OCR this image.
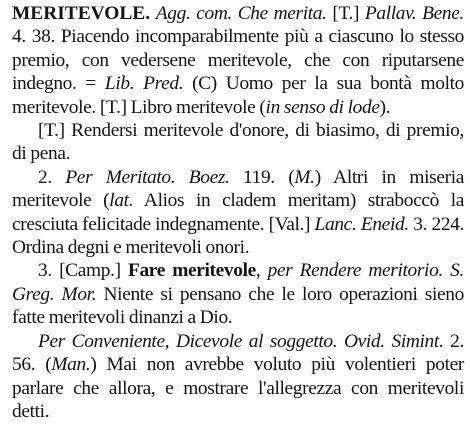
MERITEVOLE. Agg. com. Che merita. [T.] Pallav. Bene. 4. 38. Piacendo incomparabilmente più a ciascuno lo stesso premio, con vedersene meritevole, che con riputarsene indegno. = Lib. Pred. (C) Uomo per la sua bontà molto meritevole. [T.] Libro meritevole (in senso di lode).

[T.] Rendersi meritevole d'onore, di biasimo, di premio, di pena.

2. Per Meritato. Boez. 119. (M.) Altri in miseria meritevole (lat. Alios in cladem meritam) straboccò la cresciuta felicitade indegnamente. [Val.] Lanc. Eneid. 3. 224. Ordina degni e meritevoli onori.

3. [Camp.] Fare meritevole, per Rendere meritorio. S. Greg. Mor. Niente si pensano che le loro operazioni sieno fatte meritevoli dinanzi a Dio.

Per Conveniente, Dicevole al soggetto. Ovid. Simint. 2. 56. (Man.) Mai non avrebbe voluto più volentieri poter parlare che allora, e mostrare l'allegrezza con meritevoli detti.
